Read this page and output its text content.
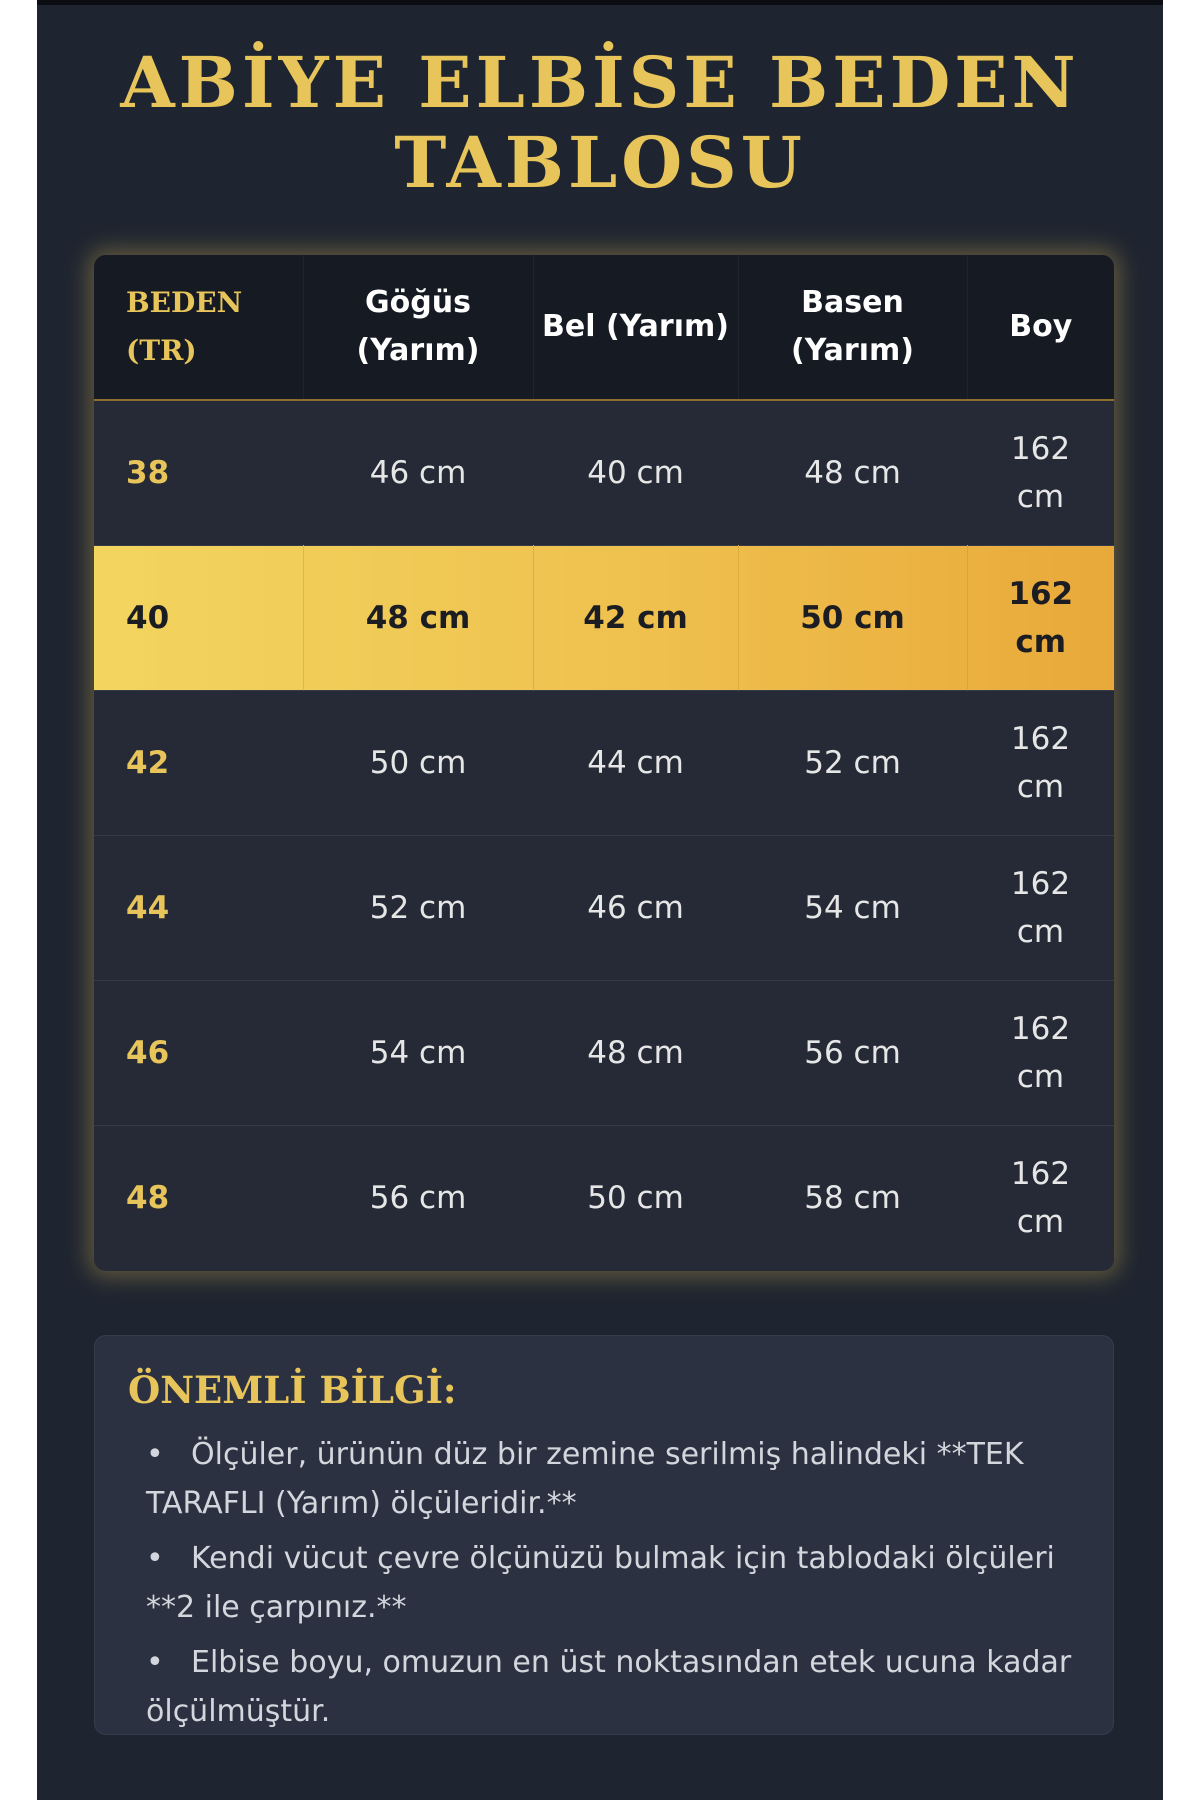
ABİYE ELBİSE BEDEN TABLOSU
BEDEN (TR)	Göğüs (Yarım)	Bel (Yarım)	Basen (Yarım)	Boy
38	46 cm	40 cm	48 cm	162 cm
40	48 cm	42 cm	50 cm	162 cm
42	50 cm	44 cm	52 cm	162 cm
44	52 cm	46 cm	54 cm	162 cm
46	54 cm	48 cm	56 cm	162 cm
48	56 cm	50 cm	58 cm	162 cm
ÖNEMLİ BİLGİ:
• Ölçüler, ürünün düz bir zemine serilmiş halindeki **TEK TARAFLI (Yarım) ölçüleridir.**
• Kendi vücut çevre ölçünüzü bulmak için tablodaki ölçüleri **2 ile çarpınız.**
• Elbise boyu, omuzun en üst noktasından etek ucuna kadar ölçülmüştür.
